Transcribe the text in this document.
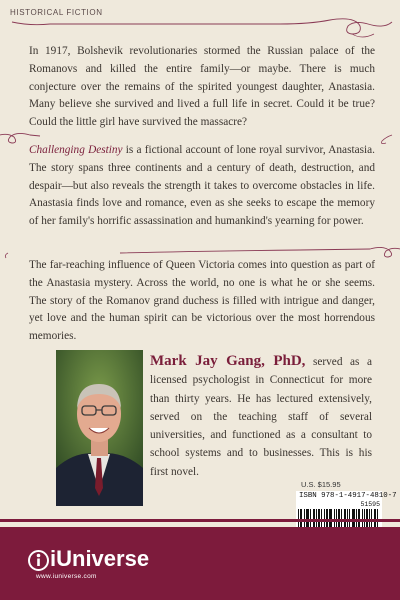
HISTORICAL FICTION
In 1917, Bolshevik revolutionaries stormed the Russian palace of the Romanovs and killed the entire family—or maybe. There is much conjecture over the remains of the spirited youngest daughter, Anastasia. Many believe she survived and lived a full life in secret. Could it be true? Could the little girl have survived the massacre?
Challenging Destiny is a fictional account of lone royal survivor, Anastasia. The story spans three continents and a century of death, destruction, and despair—but also reveals the strength it takes to overcome obstacles in life. Anastasia finds love and romance, even as she seeks to escape the memory of her family's horrific assassination and humankind's yearning for power.
The far-reaching influence of Queen Victoria comes into question as part of the Anastasia mystery. Across the world, no one is what he or she seems. The story of the Romanov grand duchess is filled with intrigue and danger, yet love and the human spirit can be victorious over the most horrendous memories.
Mark Jay Gang, PhD, served as a licensed psychologist in Connecticut for more than thirty years. He has lectured extensively, served on the teaching staff of several universities, and functioned as a consultant to school systems and to businesses. This is his first novel.
U.S. $15.95
ISBN 978-1-4917-4810-7
51595
iUniverse
www.iuniverse.com
